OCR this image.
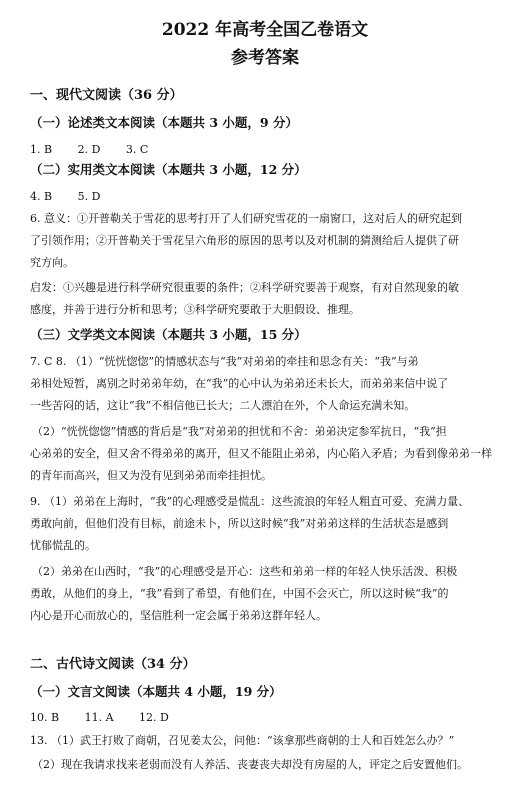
2022 年高考全国乙卷语文
参考答案
一、现代文阅读（36 分）
（一）论述类文本阅读（本题共 3 小题，9 分）
1. B 2. D 3. C
（二）实用类文本阅读（本题共 3 小题，12 分）
4. B 5. D
6. 意义：①开普勒关于雪花的思考打开了人们研究雪花的一扇窗口，这对后人的研究起到
了引领作用；②开普勒关于雪花呈六角形的原因的思考以及对机制的猜测给后人提供了研
究方向。
启发：①兴趣是进行科学研究很重要的条件；②科学研究要善于观察，有对自然现象的敏
感度，并善于进行分析和思考；③科学研究要敢于大胆假设、推理。
（三）文学类文本阅读（本题共 3 小题，15 分）
7. C 8. （1）“恍恍惚惚”的情感状态与“我”对弟弟的牵挂和思念有关：“我”与弟
弟相处短暂，离别之时弟弟年幼，在“我”的心中认为弟弟还未长大，而弟弟来信中说了
一些苦闷的话，这让“我”不相信他已长大；二人漂泊在外，个人命运充满未知。
（2）“恍恍惚惚”情感的背后是“我”对弟弟的担忧和不舍：弟弟决定参军抗日，“我”担
心弟弟的安全，但又舍不得弟弟的离开，但又不能阻止弟弟，内心陷入矛盾；为看到像弟弟一样
的青年而高兴，但又为没有见到弟弟而牵挂担忧。
9. （1）弟弟在上海时，“我”的心理感受是慌乱：这些流浪的年轻人粗直可爱、充满力量、
勇敢向前，但他们没有目标，前途未卜，所以这时候“我”对弟弟这样的生活状态是感到
忧郁慌乱的。
（2）弟弟在山西时，“我”的心理感受是开心：这些和弟弟一样的年轻人快乐活泼、积极
勇敢，从他们的身上，“我”看到了希望，有他们在，中国不会灭亡，所以这时候“我”的
内心是开心而放心的，坚信胜利一定会属于弟弟这群年轻人。
二、古代诗文阅读（34 分）
（一）文言文阅读（本题共 4 小题，19 分）
10. B 11. A 12. D
13. （1）武王打败了商朝，召见姜太公，问他：“该拿那些商朝的士人和百姓怎么办？”
（2）现在我请求找来老弱而没有人养活、丧妻丧夫却没有房屋的人，评定之后安置他们。
